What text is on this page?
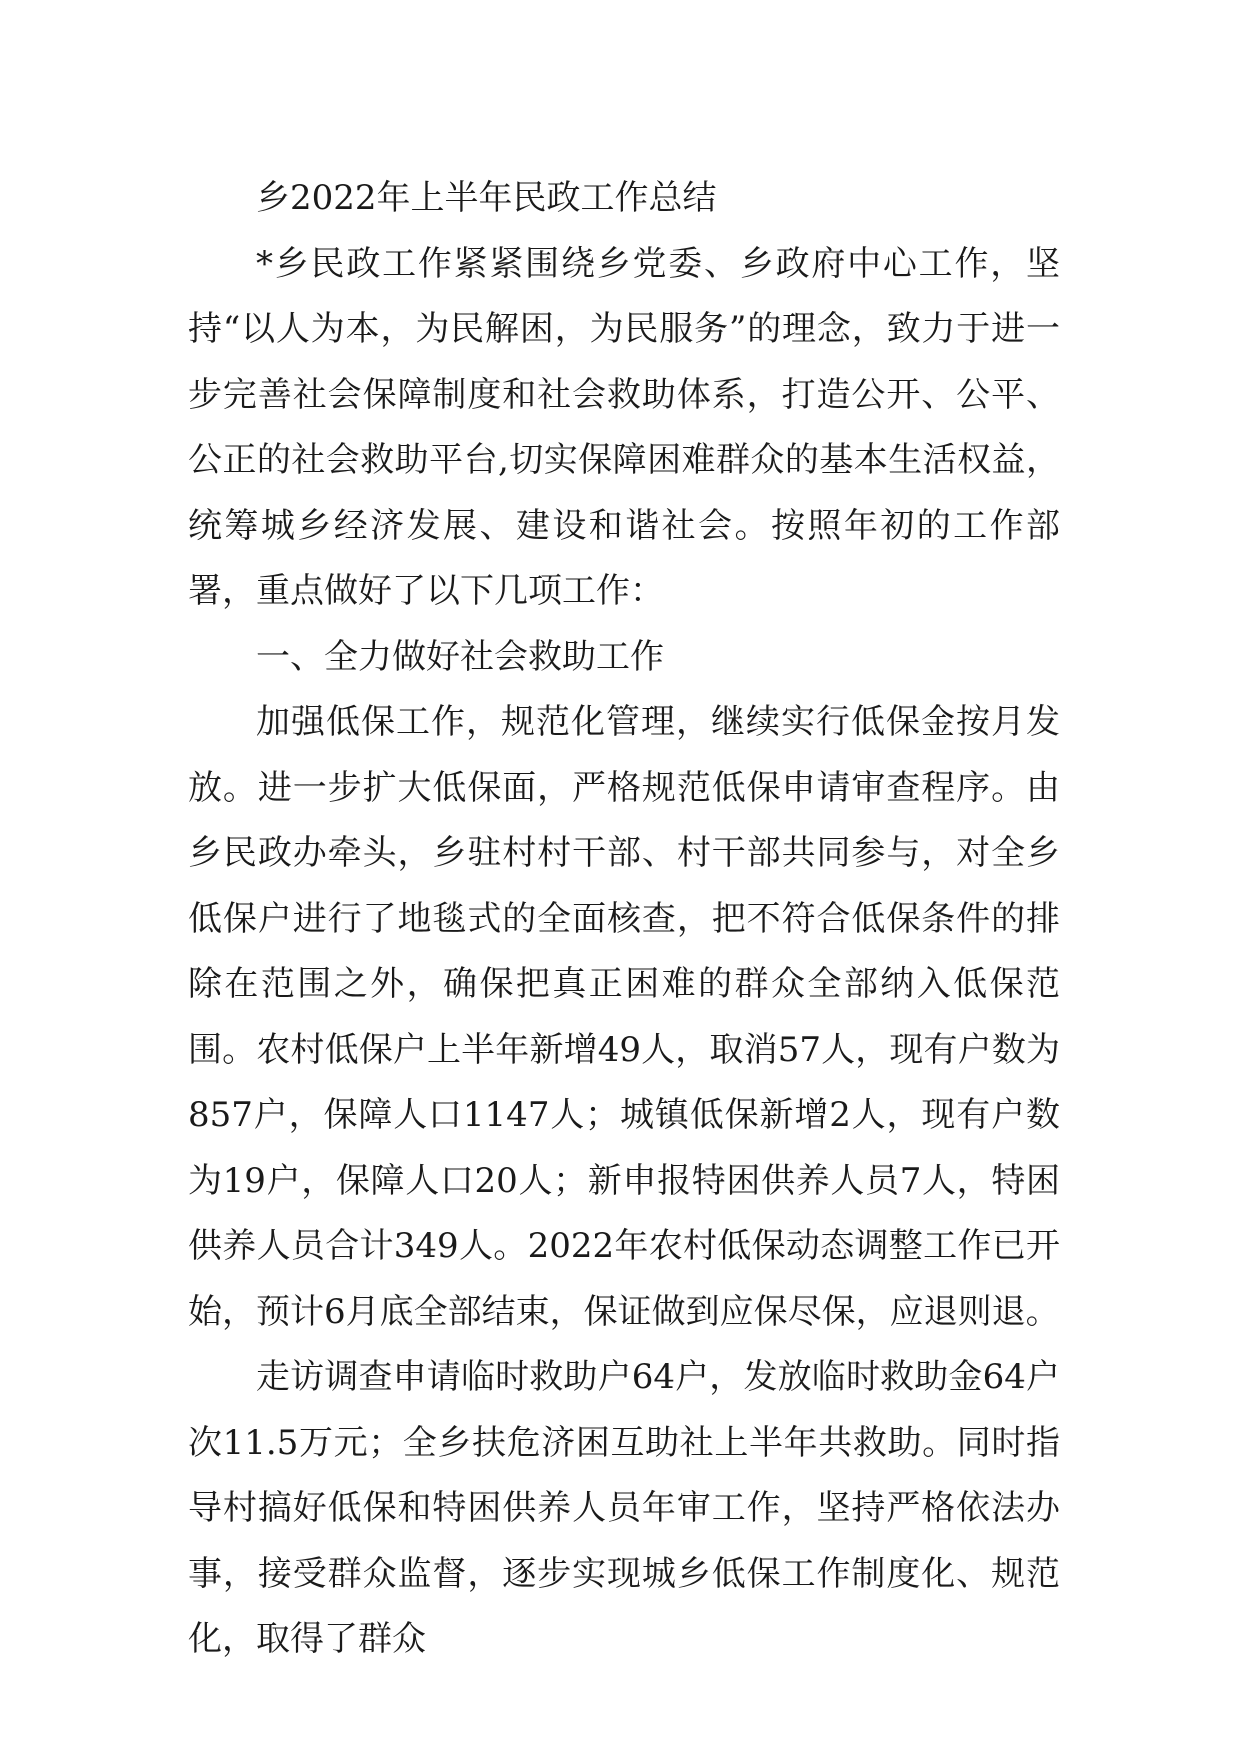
乡2022年上半年民政工作总结

*乡民政工作紧紧围绕乡党委、乡政府中心工作，坚持“以人为本，为民解困，为民服务”的理念，致力于进一步完善社会保障制度和社会救助体系，打造公开、公平、公正的社会救助平台,切实保障困难群众的基本生活权益，统筹城乡经济发展、建设和谐社会。按照年初的工作部署，重点做好了以下几项工作：

一、全力做好社会救助工作

加强低保工作，规范化管理，继续实行低保金按月发放。进一步扩大低保面，严格规范低保申请审查程序。由乡民政办牵头，乡驻村村干部、村干部共同参与，对全乡低保户进行了地毯式的全面核查，把不符合低保条件的排除在范围之外，确保把真正困难的群众全部纳入低保范围。农村低保户上半年新增49人，取消57人，现有户数为857户，保障人口1147人；城镇低保新增2人，现有户数为19户，保障人口20人；新申报特困供养人员7人，特困供养人员合计349人。2022年农村低保动态调整工作已开始，预计6月底全部结束，保证做到应保尽保，应退则退。

走访调查申请临时救助户64户，发放临时救助金64户次11.5万元；全乡扶危济困互助社上半年共救助。同时指导村搞好低保和特困供养人员年审工作，坚持严格依法办事，接受群众监督，逐步实现城乡低保工作制度化、规范化，取得了群众
